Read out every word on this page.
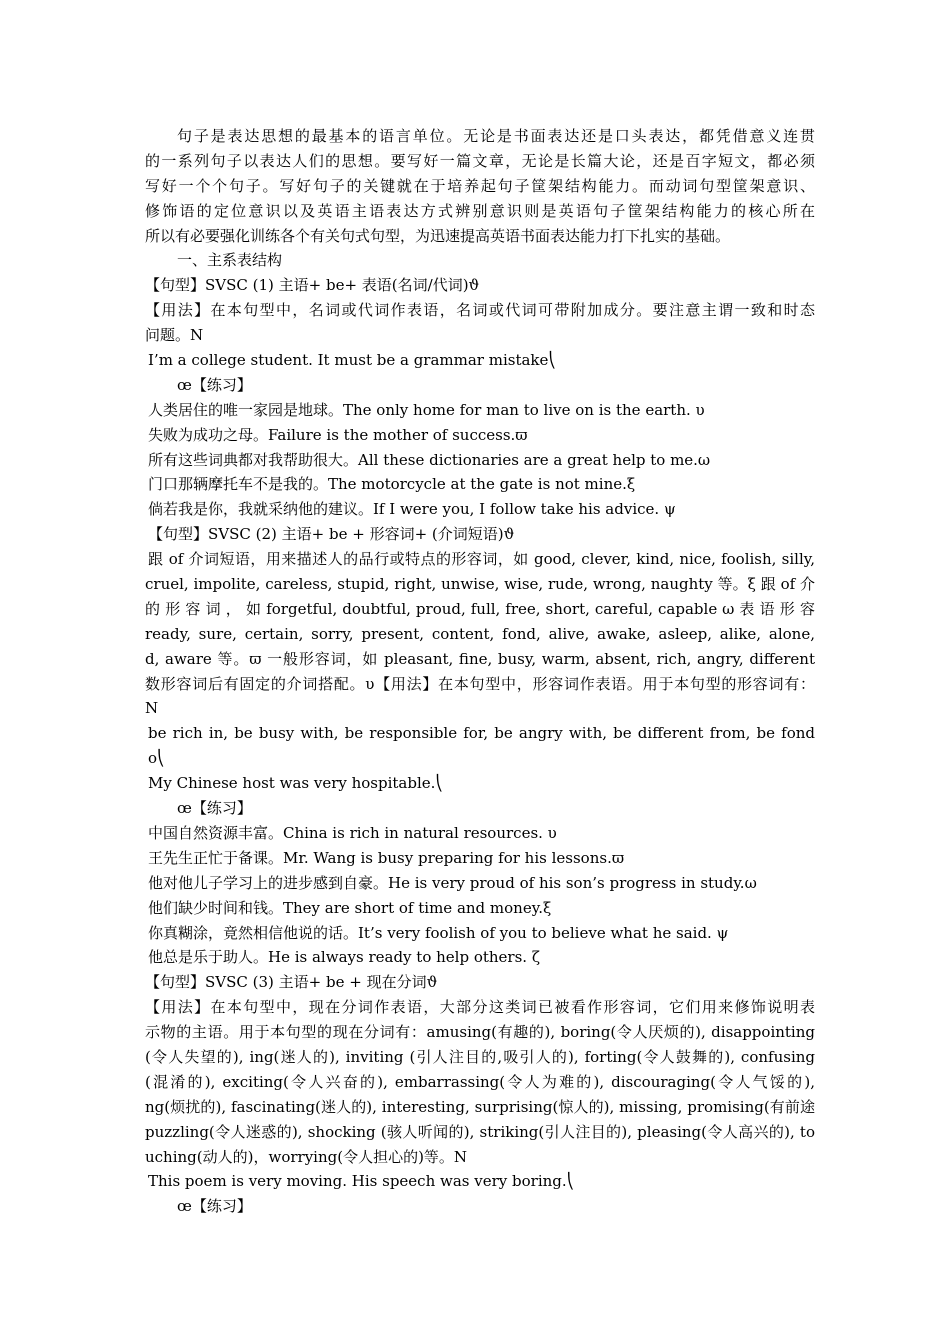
句子是表达思想的最基本的语言单位。无论是书面表达还是口头表达，都凭借意义连贯
的一系列句子以表达人们的思想。要写好一篇文章，无论是长篇大论，还是百字短文，都必须
写好一个个句子。写好句子的关键就在于培养起句子筐架结构能力。而动词句型筐架意识、
修饰语的定位意识以及英语主语表达方式辨别意识则是英语句子筐架结构能力的核心所在
所以有必要强化训练各个有关句式句型，为迅速提高英语书面表达能力打下扎实的基础。
一、主系表结构
【句型】SVSC (1) 主语+ be+ 表语(名词/代词)ϑ
【用法】在本句型中，名词或代词作表语，名词或代词可带附加成分。要注意主谓一致和时态
问题。N
I’m a college student. It must be a grammar mistake⎝
œ【练习】
人类居住的唯一家园是地球。The only home for man to live on is the earth. υ
失败为成功之母。Failure is the mother of success.ϖ
所有这些词典都对我帮助很大。All these dictionaries are a great help to me.ω
门口那辆摩托车不是我的。The motorcycle at the gate is not mine.ξ
倘若我是你，我就采纳他的建议。If I were you, I follow take his advice. ψ
【句型】SVSC (2) 主语+ be + 形容词+ (介词短语)ϑ
跟 of 介词短语，用来描述人的品行或特点的形容词，如 good, clever, kind, nice, foolish, silly,
cruel, impolite, careless, stupid, right, unwise, wise, rude, wrong, naughty 等。ξ 跟 of 介
的 形 容 词 ， 如 forgetful, doubtful, proud, full, free, short, careful, capable ω 表 语 形 容
ready, sure, certain, sorry, present, content, fond, alive, awake, asleep, alike, alone,
d, aware 等。ϖ 一般形容词，如 pleasant, fine, busy, warm, absent, rich, angry, different
数形容词后有固定的介词搭配。υ【用法】在本句型中，形容词作表语。用于本句型的形容词有：
N
be rich in, be busy with, be responsible for, be angry with, be different from, be fond
o⎝
My Chinese host was very hospitable.⎝
œ【练习】
中国自然资源丰富。China is rich in natural resources. υ
王先生正忙于备课。Mr. Wang is busy preparing for his lessons.ϖ
他对他儿子学习上的进步感到自豪。He is very proud of his son’s progress in study.ω
他们缺少时间和钱。They are short of time and money.ξ
你真糊涂，竟然相信他说的话。It’s very foolish of you to believe what he said. ψ
他总是乐于助人。He is always ready to help others. ζ
【句型】SVSC (3) 主语+ be + 现在分词ϑ
【用法】在本句型中，现在分词作表语，大部分这类词已被看作形容词，它们用来修饰说明表
示物的主语。用于本句型的现在分词有：amusing(有趣的), boring(令人厌烦的), disappointing
(令人失望的), ing(迷人的), inviting (引人注目的,吸引人的), forting(令人鼓舞的), confusing
(混淆的), exciting(令人兴奋的), embarrassing(令人为难的), discouraging(令人气馁的),
ng(烦扰的), fascinating(迷人的), interesting, surprising(惊人的), missing, promising(有前途
puzzling(令人迷惑的), shocking (骇人听闻的), striking(引人注目的), pleasing(令人高兴的), to
uching(动人的)，worrying(令人担心的)等。N
This poem is very moving. His speech was very boring.⎝
œ【练习】
